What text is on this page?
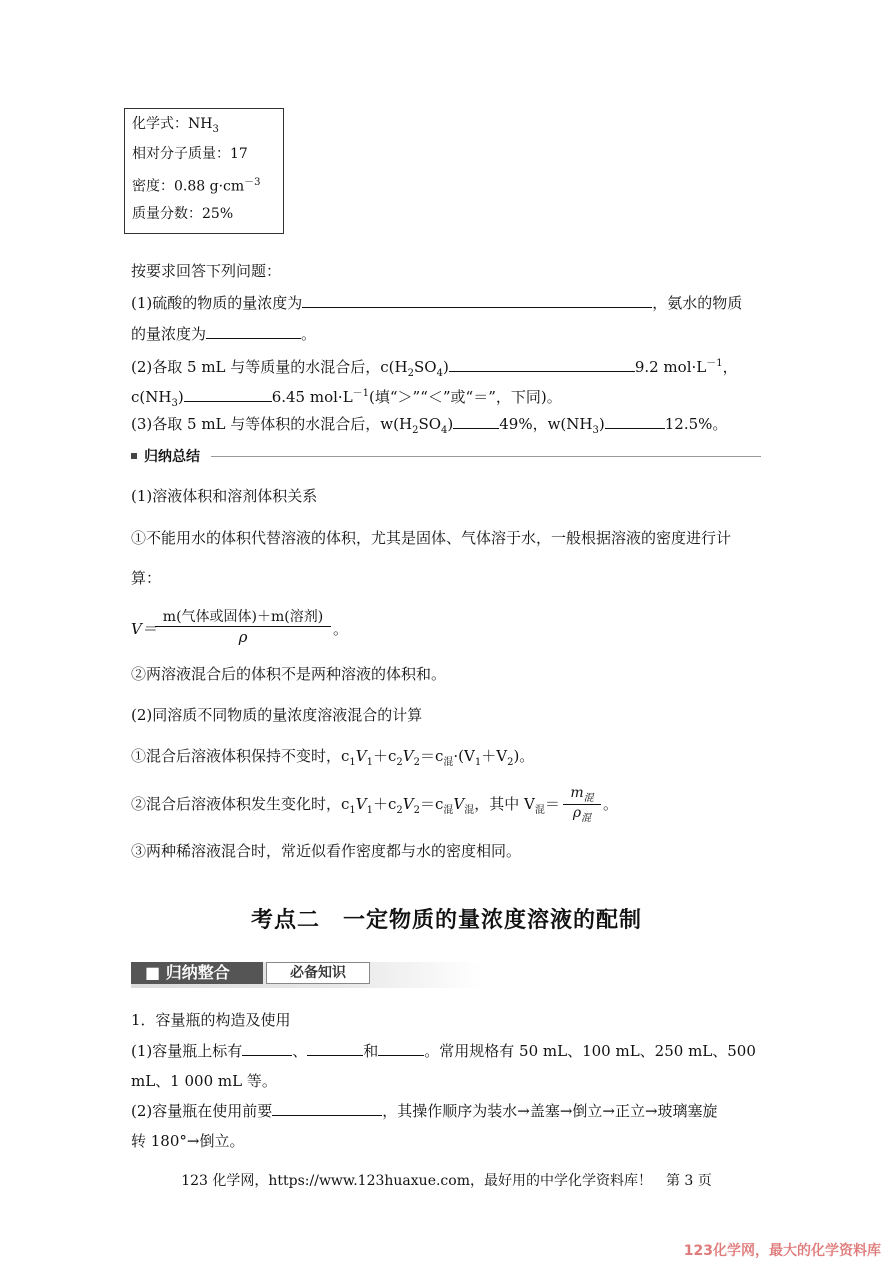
化学式：$NH_3$
相对分子质量：17
密度：0.88 $g\cdot cm^{-3}$
质量分数：25%
按要求回答下列问题：
(1)硫酸的物质的量浓度为	，氨水的物质
的量浓度为	。
(2)各取 5 mL 与等质量的水混合后，$c(H_2SO_4)$	9.2 $mol\cdot L^{-1}$，
$c(NH_3)$	6.45 $mol\cdot L^{-1}$(填“＞”“＜”或“＝”，下同)。
(3)各取 5 mL 与等体积的水混合后，$w(H_2SO_4)$	49%，$w(NH_3)$	12.5%。
归纳总结
(1)溶液体积和溶剂体积关系
①不能用水的体积代替溶液的体积，尤其是固体、气体溶于水，一般根据溶液的密度进行计
算：
V＝
m(气体或固体)＋m(溶剂)
ρ	。
②两溶液混合后的体积不是两种溶液的体积和。
(2)同溶质不同物质的量浓度溶液混合的计算
①混合后溶液体积保持不变时，$c_1V_1+c_2V_2=c_混\cdot(V_1+V_2)$。
②混合后溶液体积发生变化时，$c_1V_1+c_2V_2=c_混V_混$，其中 $V_混=$
$m_混$
$\rho_混$
。
③两种稀溶液混合时，常近似看作密度都与水的密度相同。
考点二　一定物质的量浓度溶液的配制
■ 归纳整合	必备知识
1．容量瓶的构造及使用
(1)容量瓶上标有	、	和	。常用规格有 50 mL、100 mL、250 mL、500
mL、1 000 mL 等。
(2)容量瓶在使用前要	，其操作顺序为装水→盖塞→倒立→正立→玻璃塞旋
转 180°→倒立。
123 化学网，https://www.123huaxue.com，最好用的中学化学资料库！　第 3 页
123化学网，最大的化学资料库
